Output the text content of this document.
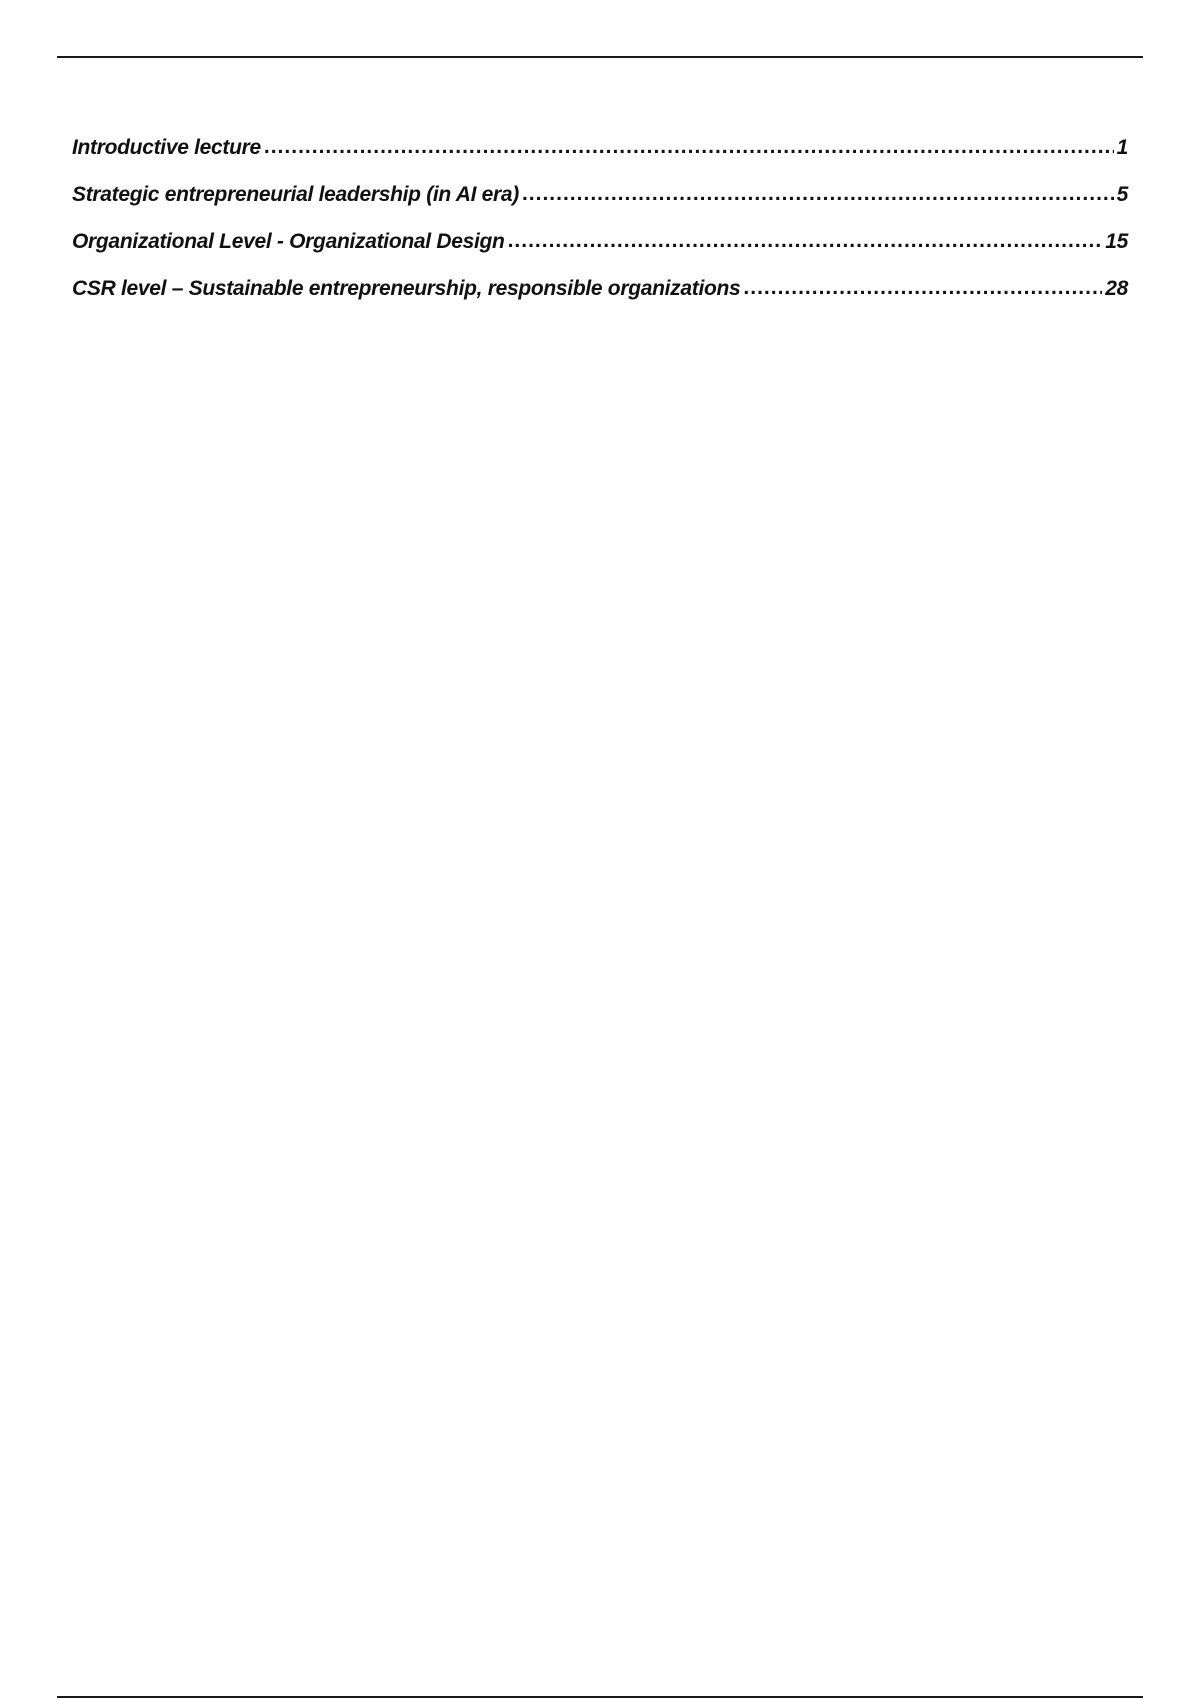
Introductive lecture .....	1
Strategic entrepreneurial leadership (in AI era) .....	5
Organizational Level - Organizational Design .....	15
CSR level – Sustainable entrepreneurship, responsible organizations .....	28
